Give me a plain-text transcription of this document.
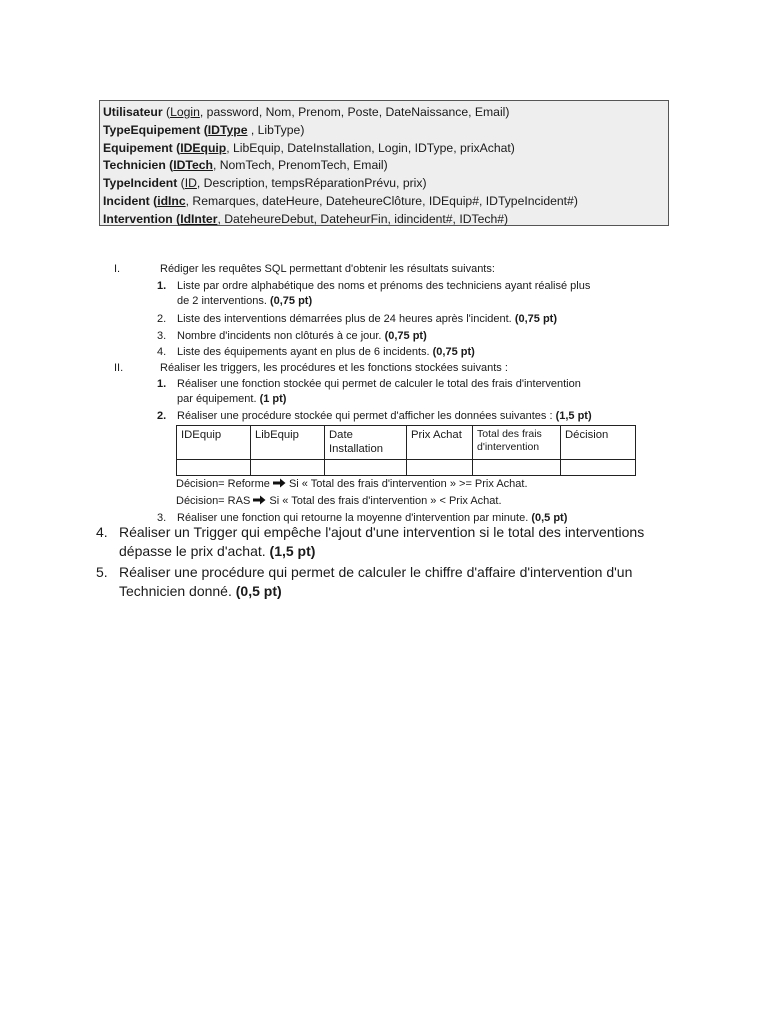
Utilisateur (Login, password, Nom, Prenom, Poste, DateNaissance, Email)
TypeEquipement (IDType , LibType)
Equipement (IDEquip, LibEquip, DateInstallation, Login, IDType, prixAchat)
Technicien (IDTech, NomTech, PrenomTech, Email)
TypeIncident (ID, Description, tempsRéparationPrévu, prix)
Incident (idInc, Remarques, dateHeure, DateheureClôture, IDEquip#, IDTypeIncident#)
Intervention (IdInter, DateheureDebut, DateheurFin, idincident#, IDTech#)
I.	Rédiger les requêtes SQL permettant d'obtenir les résultats suivants:
1. Liste par ordre alphabétique des noms et prénoms des techniciens ayant réalisé plus
de 2 interventions. (0,75 pt)
2. Liste des interventions démarrées plus de 24 heures après l'incident. (0,75 pt)
3. Nombre d'incidents non clôturés à ce jour. (0,75 pt)
4. Liste des équipements ayant en plus de 6 incidents. (0,75 pt)
II.	Réaliser les triggers, les procédures et les fonctions stockées suivants :
1. Réaliser une fonction stockée qui permet de calculer le total des frais d'intervention
par équipement. (1 pt)
2. Réaliser une procédure stockée qui permet d'afficher les données suivantes : (1,5 pt)
IDEquip	LibEquip	Date Installation	Prix Achat	Total des frais d'intervention	Décision

Décision= Reforme Si « Total des frais d'intervention » >= Prix Achat.
Décision= RAS Si « Total des frais d'intervention » < Prix Achat.
3. Réaliser une fonction qui retourne la moyenne d'intervention par minute. (0,5 pt)
4. Réaliser un Trigger qui empêche l'ajout d'une intervention si le total des interventions
dépasse le prix d'achat. (1,5 pt)
5. Réaliser une procédure qui permet de calculer le chiffre d'affaire d'intervention d'un
Technicien donné. (0,5 pt)
